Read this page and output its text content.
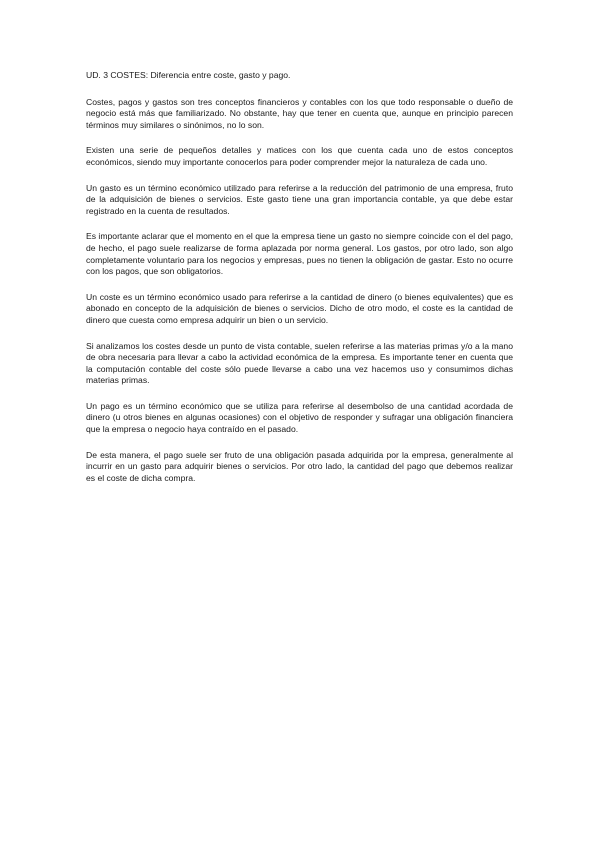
UD. 3 COSTES: Diferencia entre coste, gasto y pago.

Costes, pagos y gastos son tres conceptos financieros y contables con los que todo responsable o dueño de negocio está más que familiarizado. No obstante, hay que tener en cuenta que, aunque en principio parecen términos muy similares o sinónimos, no lo son.

Existen una serie de pequeños detalles y matices con los que cuenta cada uno de estos conceptos económicos, siendo muy importante conocerlos para poder comprender mejor la naturaleza de cada uno.

Un gasto es un término económico utilizado para referirse a la reducción del patrimonio de una empresa, fruto de la adquisición de bienes o servicios. Este gasto tiene una gran importancia contable, ya que debe estar registrado en la cuenta de resultados.

Es importante aclarar que el momento en el que la empresa tiene un gasto no siempre coincide con el del pago, de hecho, el pago suele realizarse de forma aplazada por norma general. Los gastos, por otro lado, son algo completamente voluntario para los negocios y empresas, pues no tienen la obligación de gastar. Esto no ocurre con los pagos, que son obligatorios.

Un coste es un término económico usado para referirse a la cantidad de dinero (o bienes equivalentes) que es abonado en concepto de la adquisición de bienes o servicios. Dicho de otro modo, el coste es la cantidad de dinero que cuesta como empresa adquirir un bien o un servicio.

Si analizamos los costes desde un punto de vista contable, suelen referirse a las materias primas y/o a la mano de obra necesaria para llevar a cabo la actividad económica de la empresa. Es importante tener en cuenta que la computación contable del coste sólo puede llevarse a cabo una vez hacemos uso y consumimos dichas materias primas.

Un pago es un término económico que se utiliza para referirse al desembolso de una cantidad acordada de dinero (u otros bienes en algunas ocasiones) con el objetivo de responder y sufragar una obligación financiera que la empresa o negocio haya contraído en el pasado.

De esta manera, el pago suele ser fruto de una obligación pasada adquirida por la empresa, generalmente al incurrir en un gasto para adquirir bienes o servicios. Por otro lado, la cantidad del pago que debemos realizar es el coste de dicha compra.
